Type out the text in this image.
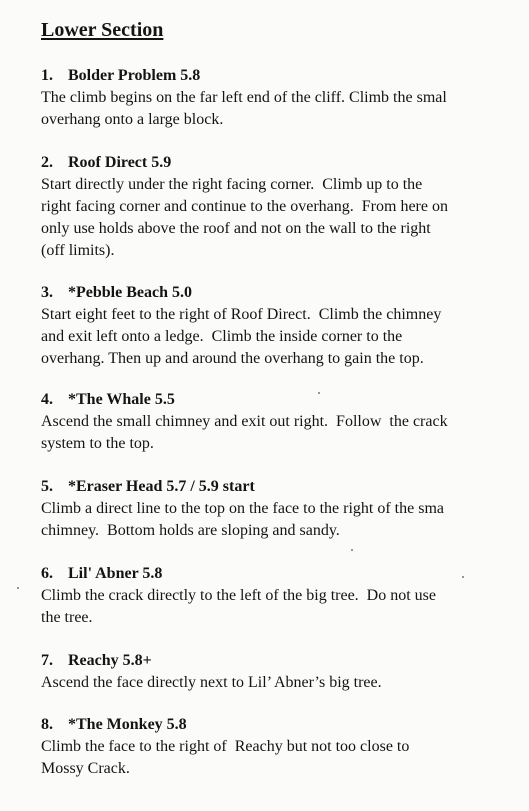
Lower Section

1. Bolder Problem 5.8

The climb begins on the far left end of the cliff. Climb the smal

overhang onto a large block.

2. Roof Direct 5.9

Start directly under the right facing corner.  Climb up to the

right facing corner and continue to the overhang.  From here on

only use holds above the roof and not on the wall to the right

(off limits).

3. *Pebble Beach 5.0

Start eight feet to the right of Roof Direct.  Climb the chimney

and exit left onto a ledge.  Climb the inside corner to the

overhang. Then up and around the overhang to gain the top.

4. *The Whale 5.5

Ascend the small chimney and exit out right.  Follow  the crack

system to the top.

5. *Eraser Head 5.7 / 5.9 start

Climb a direct line to the top on the face to the right of the sma

chimney.  Bottom holds are sloping and sandy.

6. Lil' Abner 5.8

Climb the crack directly to the left of the big tree.  Do not use

the tree.

7. Reachy 5.8+

Ascend the face directly next to Lil’ Abner’s big tree.

8. *The Monkey 5.8

Climb the face to the right of  Reachy but not too close to

Mossy Crack.
